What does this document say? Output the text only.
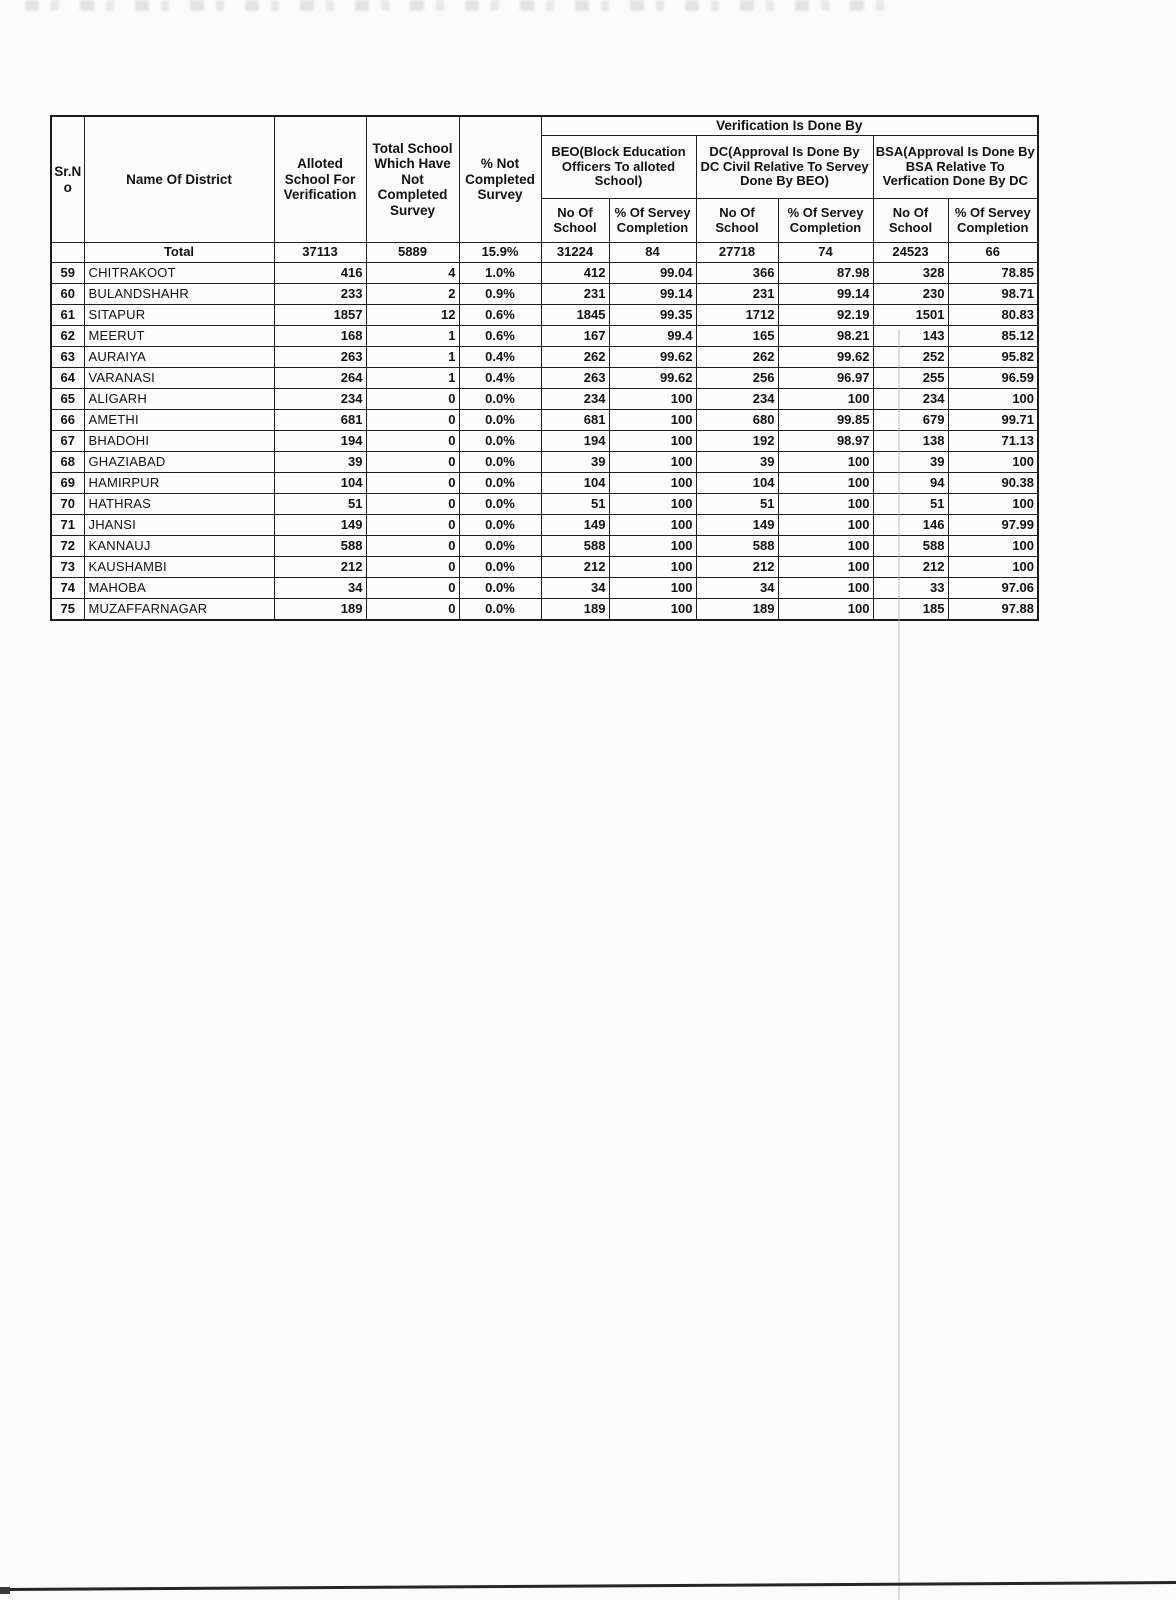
Sr.No	Name Of District	Alloted School For Verification	Total School Which Have Not Completed Survey	% Not Completed Survey	Verification Is Done By					
					BEO(Block Education Officers To alloted School)		DC(Approval Is Done By DC Civil Relative To Servey Done By BEO)		BSA(Approval Is Done By BSA Relative To Verfication Done By DC	
					No Of School	% Of Servey Completion	No Of School	% Of Servey Completion	No Of School	% Of Servey Completion
	Total	37113	5889	15.9%	31224	84	27718	74	24523	66
59	CHITRAKOOT	416	4	1.0%	412	99.04	366	87.98	328	78.85
60	BULANDSHAHR	233	2	0.9%	231	99.14	231	99.14	230	98.71
61	SITAPUR	1857	12	0.6%	1845	99.35	1712	92.19	1501	80.83
62	MEERUT	168	1	0.6%	167	99.4	165	98.21	143	85.12
63	AURAIYA	263	1	0.4%	262	99.62	262	99.62	252	95.82
64	VARANASI	264	1	0.4%	263	99.62	256	96.97	255	96.59
65	ALIGARH	234	0	0.0%	234	100	234	100	234	100
66	AMETHI	681	0	0.0%	681	100	680	99.85	679	99.71
67	BHADOHI	194	0	0.0%	194	100	192	98.97	138	71.13
68	GHAZIABAD	39	0	0.0%	39	100	39	100	39	100
69	HAMIRPUR	104	0	0.0%	104	100	104	100	94	90.38
70	HATHRAS	51	0	0.0%	51	100	51	100	51	100
71	JHANSI	149	0	0.0%	149	100	149	100	146	97.99
72	KANNAUJ	588	0	0.0%	588	100	588	100	588	100
73	KAUSHAMBI	212	0	0.0%	212	100	212	100	212	100
74	MAHOBA	34	0	0.0%	34	100	34	100	33	97.06
75	MUZAFFARNAGAR	189	0	0.0%	189	100	189	100	185	97.88
